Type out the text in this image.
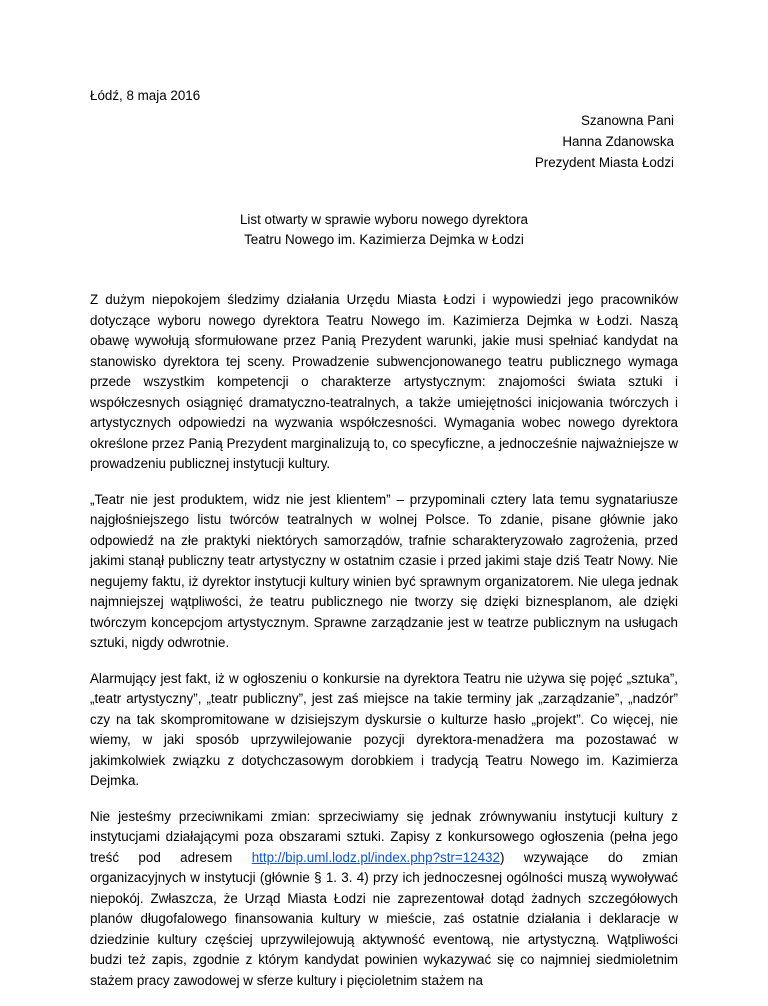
Łódź, 8 maja 2016
Szanowna Pani
Hanna Zdanowska
Prezydent Miasta Łodzi
List otwarty w sprawie wyboru nowego dyrektora
Teatru Nowego im. Kazimierza Dejmka w Łodzi

Z dużym niepokojem śledzimy działania Urzędu Miasta Łodzi i wypowiedzi jego pracowników dotyczące wyboru nowego dyrektora Teatru Nowego im. Kazimierza Dejmka w Łodzi. Naszą obawę wywołują sformułowane przez Panią Prezydent warunki, jakie musi spełniać kandydat na stanowisko dyrektora tej sceny. Prowadzenie subwencjonowanego teatru publicznego wymaga przede wszystkim kompetencji o charakterze artystycznym: znajomości świata sztuki i współczesnych osiągnięć dramatyczno-teatralnych, a także umiejętności inicjowania twórczych i artystycznych odpowiedzi na wyzwania współczesności. Wymagania wobec nowego dyrektora określone przez Panią Prezydent marginalizują to, co specyficzne, a jednocześnie najważniejsze w prowadzeniu publicznej instytucji kultury.

„Teatr nie jest produktem, widz nie jest klientem” – przypominali cztery lata temu sygnatariusze najgłośniejszego listu twórców teatralnych w wolnej Polsce. To zdanie, pisane głównie jako odpowiedź na złe praktyki niektórych samorządów, trafnie scharakteryzowało zagrożenia, przed jakimi stanął publiczny teatr artystyczny w ostatnim czasie i przed jakimi staje dziś Teatr Nowy. Nie negujemy faktu, iż dyrektor instytucji kultury winien być sprawnym organizatorem. Nie ulega jednak najmniejszej wątpliwości, że teatru publicznego nie tworzy się dzięki biznesplanom, ale dzięki twórczym koncepcjom artystycznym. Sprawne zarządzanie jest w teatrze publicznym na usługach sztuki, nigdy odwrotnie.

Alarmujący jest fakt, iż w ogłoszeniu o konkursie na dyrektora Teatru nie używa się pojęć „sztuka”, „teatr artystyczny”, „teatr publiczny”, jest zaś miejsce na takie terminy jak „zarządzanie”, „nadzór” czy na tak skompromitowane w dzisiejszym dyskursie o kulturze hasło „projekt”. Co więcej, nie wiemy, w jaki sposób uprzywilejowanie pozycji dyrektora-menadżera ma pozostawać w jakimkolwiek związku z dotychczasowym dorobkiem i tradycją Teatru Nowego im. Kazimierza Dejmka.

Nie jesteśmy przeciwnikami zmian: sprzeciwiamy się jednak zrównywaniu instytucji kultury z instytucjami działającymi poza obszarami sztuki. Zapisy z konkursowego ogłoszenia (pełna jego treść pod adresem http://bip.uml.lodz.pl/index.php?str=12432) wzywające do zmian organizacyjnych w instytucji (głównie § 1. 3. 4) przy ich jednoczesnej ogólności muszą wywoływać niepokój. Zwłaszcza, że Urząd Miasta Łodzi nie zaprezentował dotąd żadnych szczegółowych planów długofalowego finansowania kultury w mieście, zaś ostatnie działania i deklaracje w dziedzinie kultury częściej uprzywilejowują aktywność eventową, nie artystyczną. Wątpliwości budzi też zapis, zgodnie z którym kandydat powinien wykazywać się co najmniej siedmioletnim stażem pracy zawodowej w sferze kultury i pięcioletnim stażem na
